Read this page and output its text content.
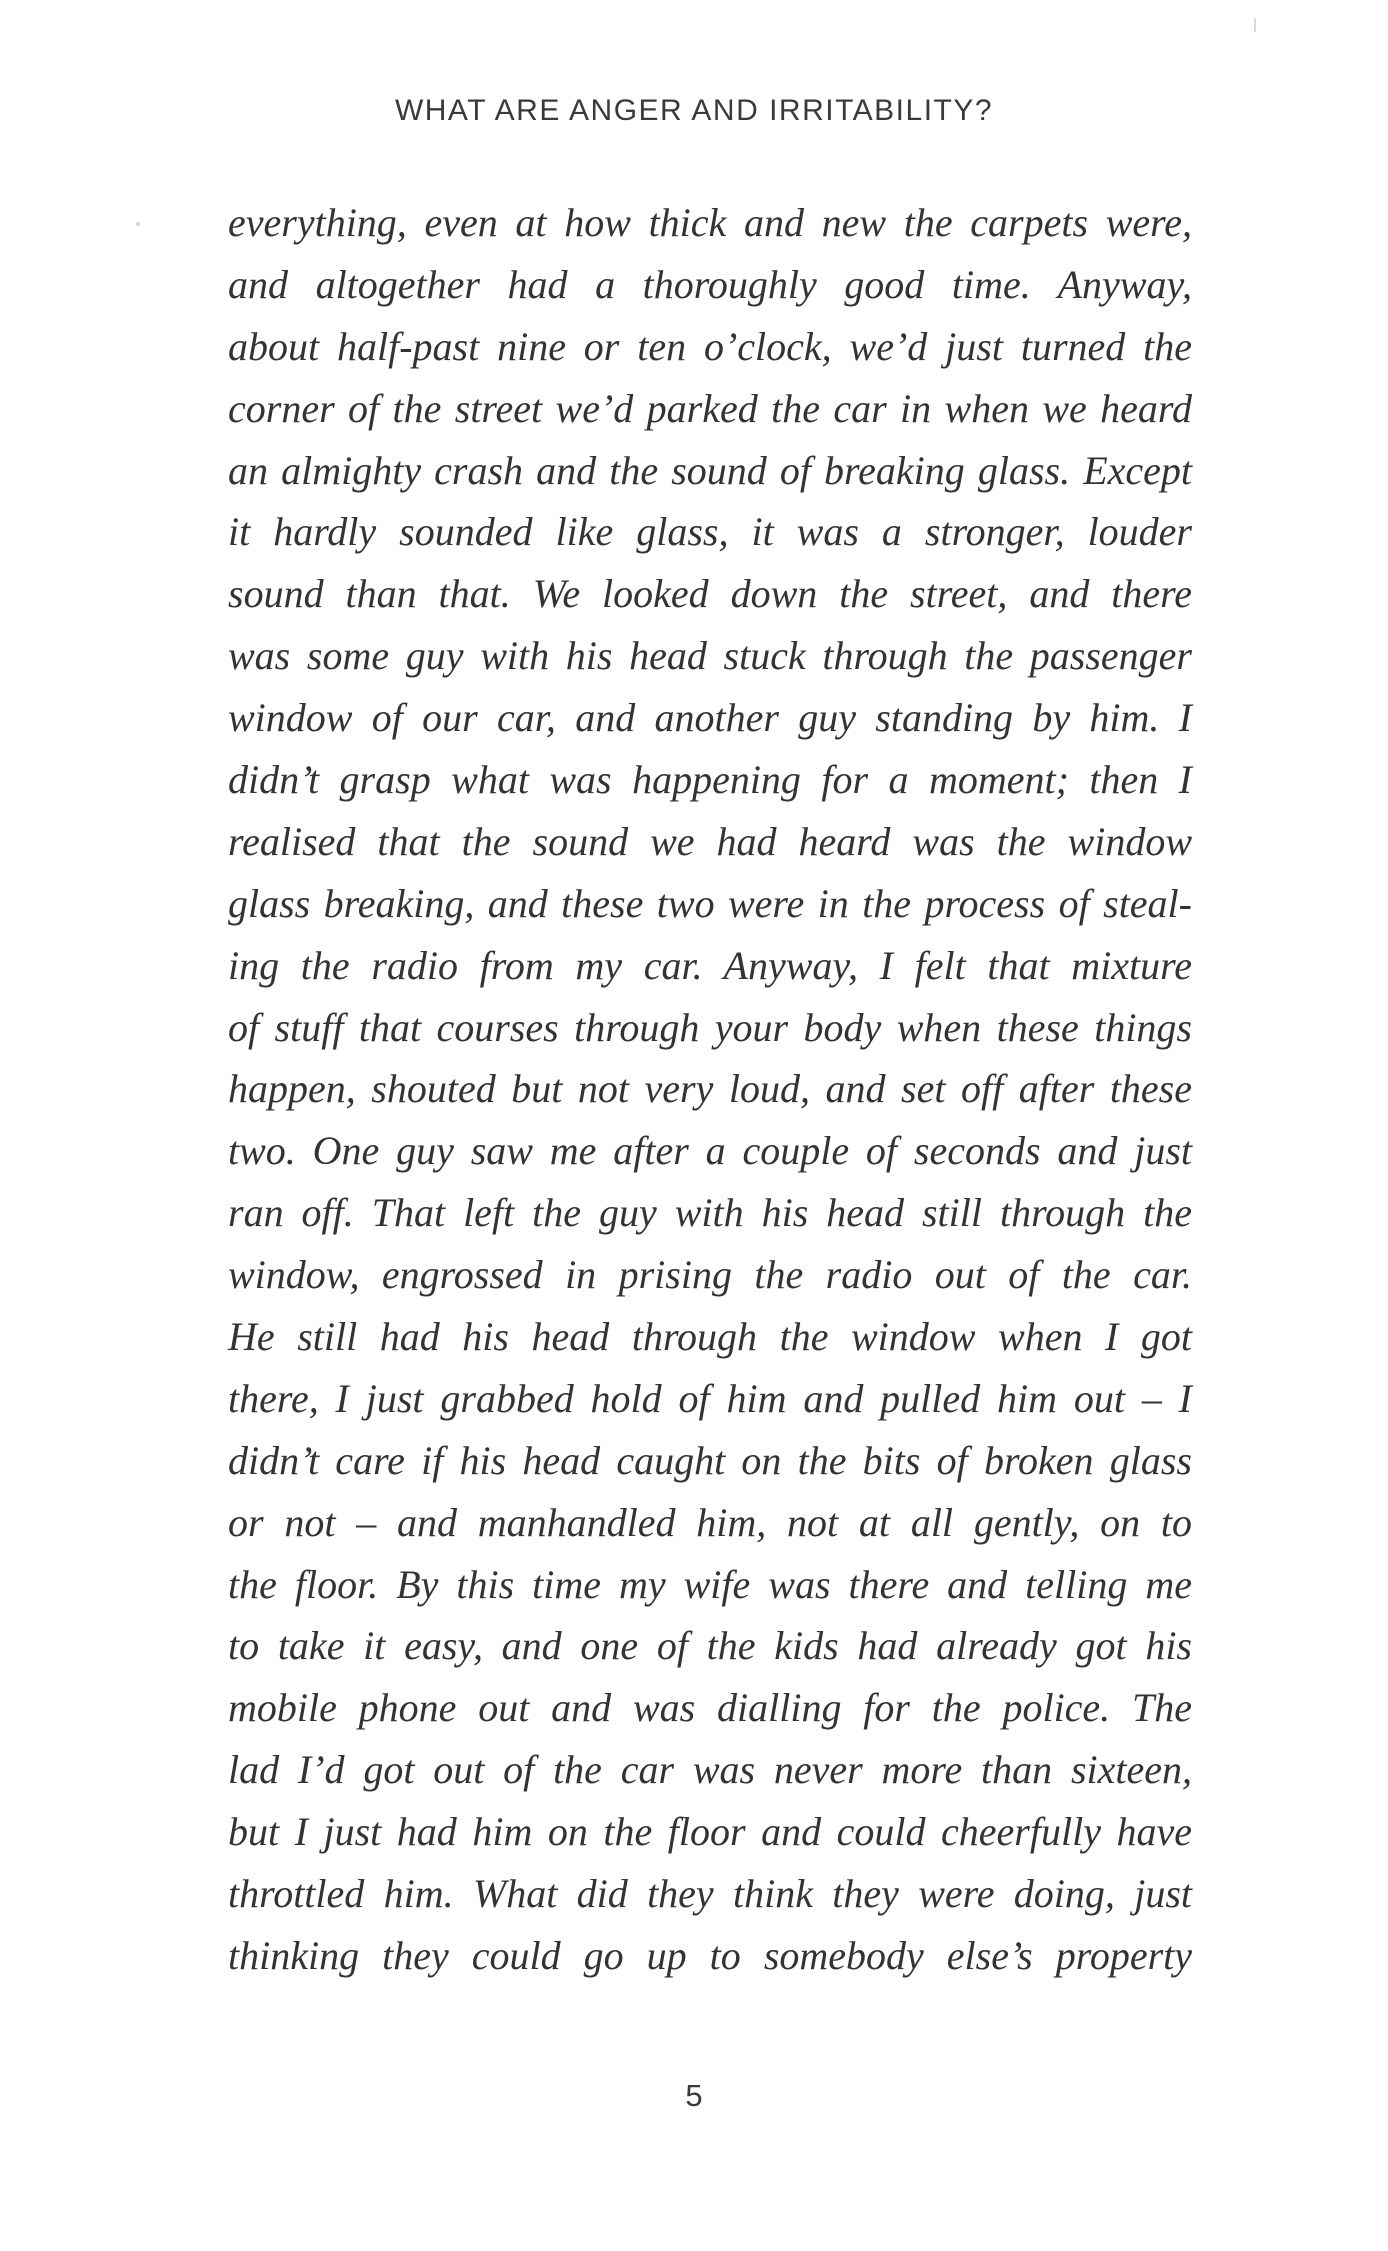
WHAT ARE ANGER AND IRRITABILITY?
everything, even at how thick and new the carpets were,
and altogether had a thoroughly good time. Anyway,
about half-past nine or ten o’clock, we’d just turned the
corner of the street we’d parked the car in when we heard
an almighty crash and the sound of breaking glass. Except
it hardly sounded like glass, it was a stronger, louder
sound than that. We looked down the street, and there
was some guy with his head stuck through the passenger
window of our car, and another guy standing by him. I
didn’t grasp what was happening for a moment; then I
realised that the sound we had heard was the window
glass breaking, and these two were in the process of steal-
ing the radio from my car. Anyway, I felt that mixture
of stuff that courses through your body when these things
happen, shouted but not very loud, and set off after these
two. One guy saw me after a couple of seconds and just
ran off. That left the guy with his head still through the
window, engrossed in prising the radio out of the car.
He still had his head through the window when I got
there, I just grabbed hold of him and pulled him out – I
didn’t care if his head caught on the bits of broken glass
or not – and manhandled him, not at all gently, on to
the floor. By this time my wife was there and telling me
to take it easy, and one of the kids had already got his
mobile phone out and was dialling for the police. The
lad I’d got out of the car was never more than sixteen,
but I just had him on the floor and could cheerfully have
throttled him. What did they think they were doing, just
thinking they could go up to somebody else’s property
5
